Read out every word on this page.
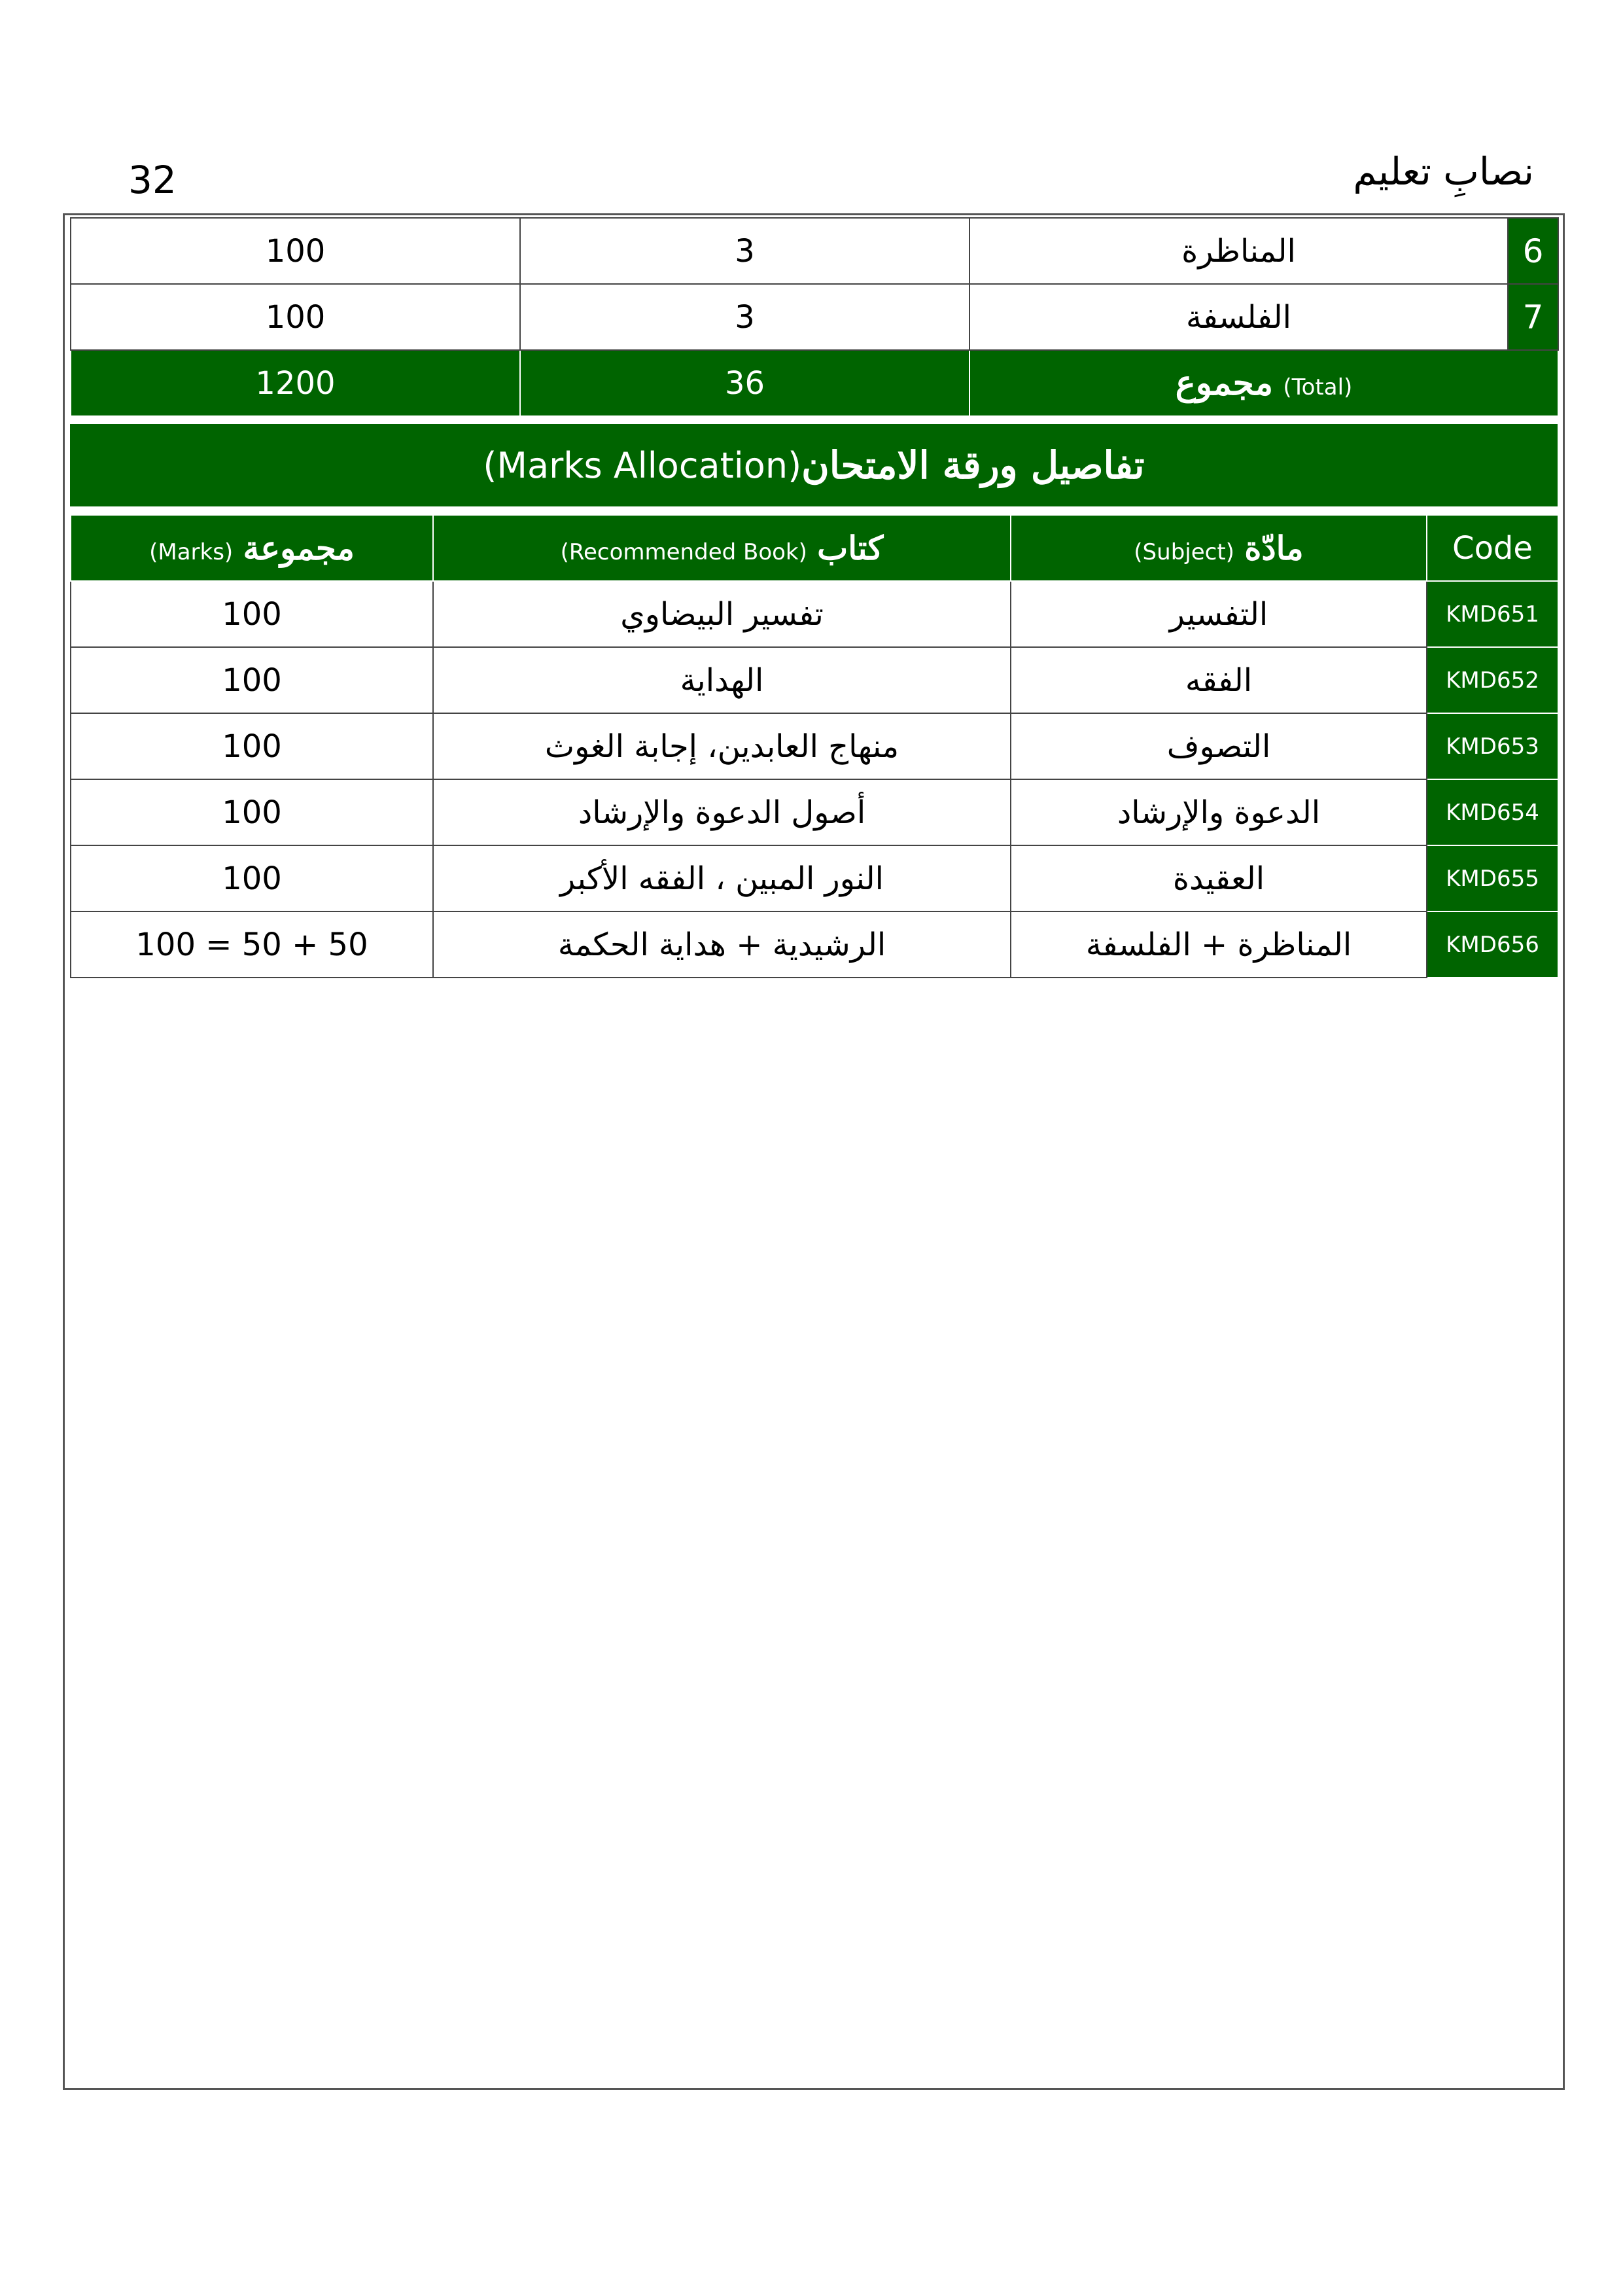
32	نصابِ تعلیم
100	3	المناظرة	6
100	3	الفلسفة	7
1200	36	مجموع (Total)	
تفاصيل ورقة الامتحان
(Marks Allocation)
(Marks) مجموعة	(Recommended Book) كتاب	(Subject) مادّة	Code
100	تفسير البيضاوي	التفسير	KMD651
100	الهداية	الفقه	KMD652
100	منهاج العابدين، إجابة الغوث	التصوف	KMD653
100	أصول الدعوة والإرشاد	الدعوة والإرشاد	KMD654
100	النور المبين ، الفقه الأكبر	العقيدة	KMD655
100 = 50 + 50	الرشيدية + هداية الحكمة	المناظرة + الفلسفة	KMD656
